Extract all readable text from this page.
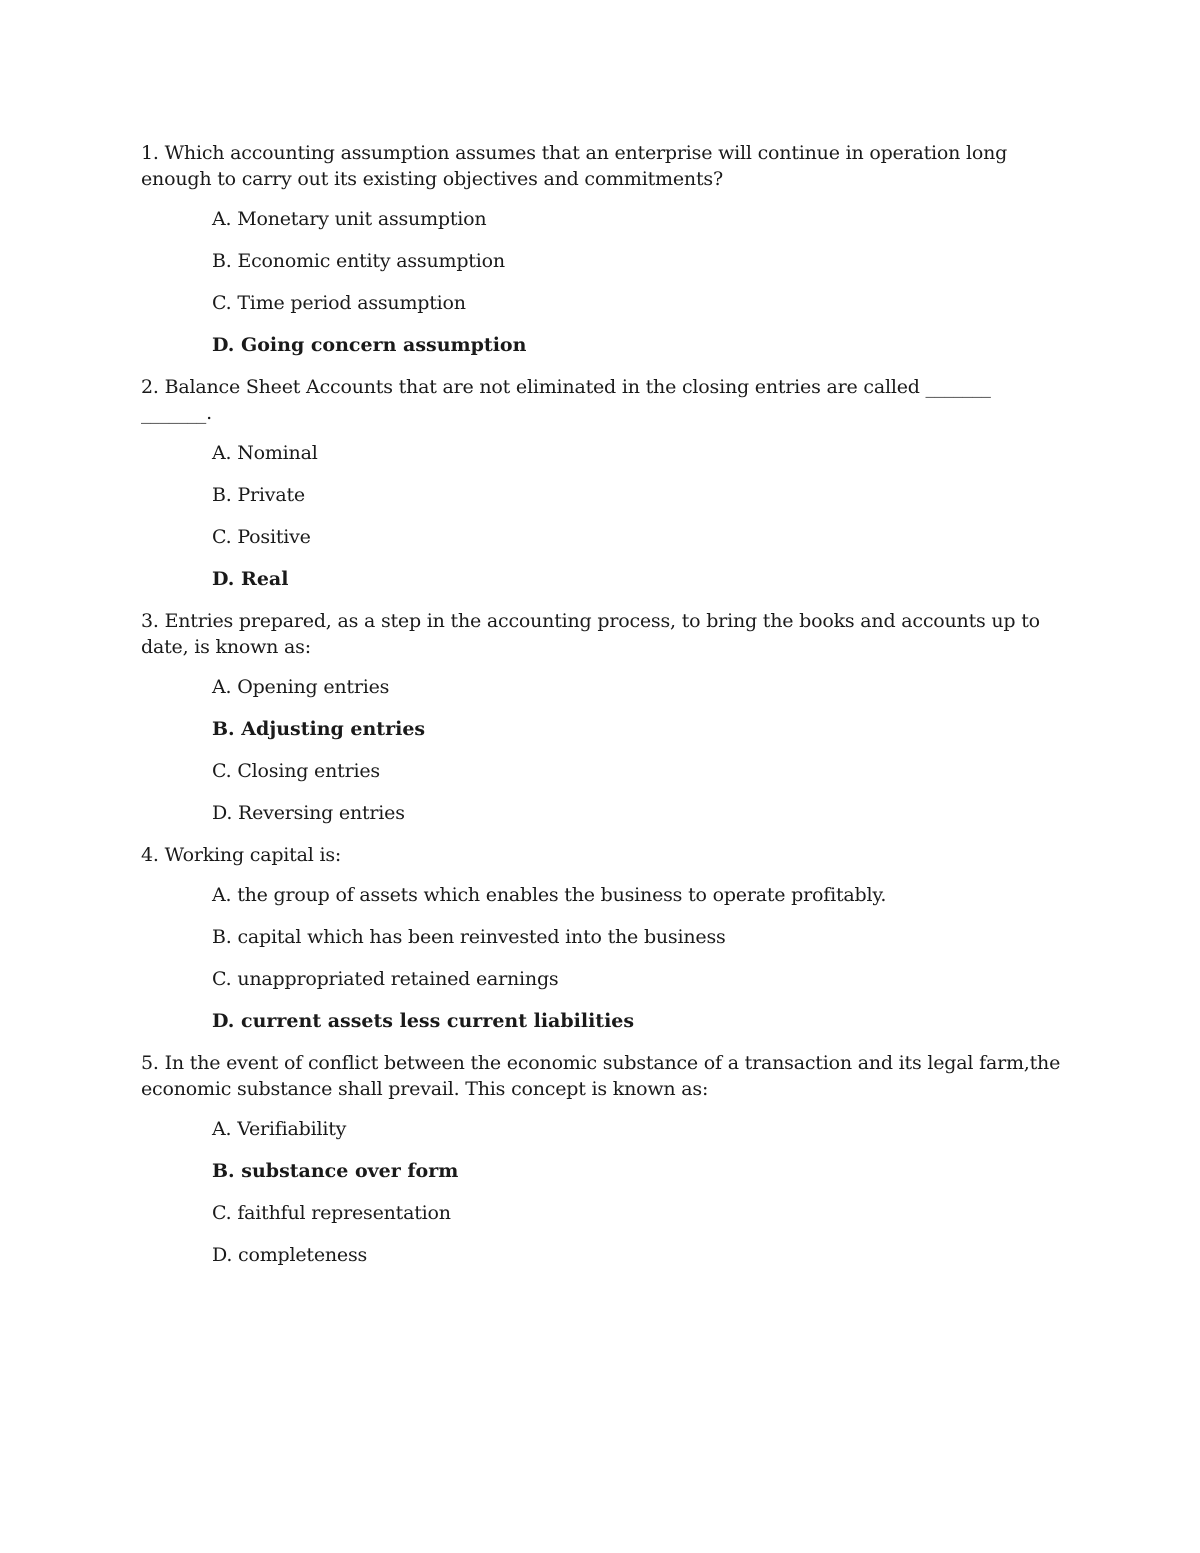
1. Which accounting assumption assumes that an enterprise will continue in operation long enough to carry out its existing objectives and commitments?

A. Monetary unit assumption
B. Economic entity assumption
C. Time period assumption
D. Going concern assumption

2. Balance Sheet Accounts that are not eliminated in the closing entries are called _______ _______.

A. Nominal
B. Private
C. Positive
D. Real

3. Entries prepared, as a step in the accounting process, to bring the books and accounts up to date, is known as:

A. Opening entries
B. Adjusting entries
C. Closing entries
D. Reversing entries

4. Working capital is:

A. the group of assets which enables the business to operate profitably.
B. capital which has been reinvested into the business
C. unappropriated retained earnings
D. current assets less current liabilities

5. In the event of conflict between the economic substance of a transaction and its legal farm,the economic substance shall prevail. This concept is known as:

A. Verifiability
B. substance over form
C. faithful representation
D. completeness
